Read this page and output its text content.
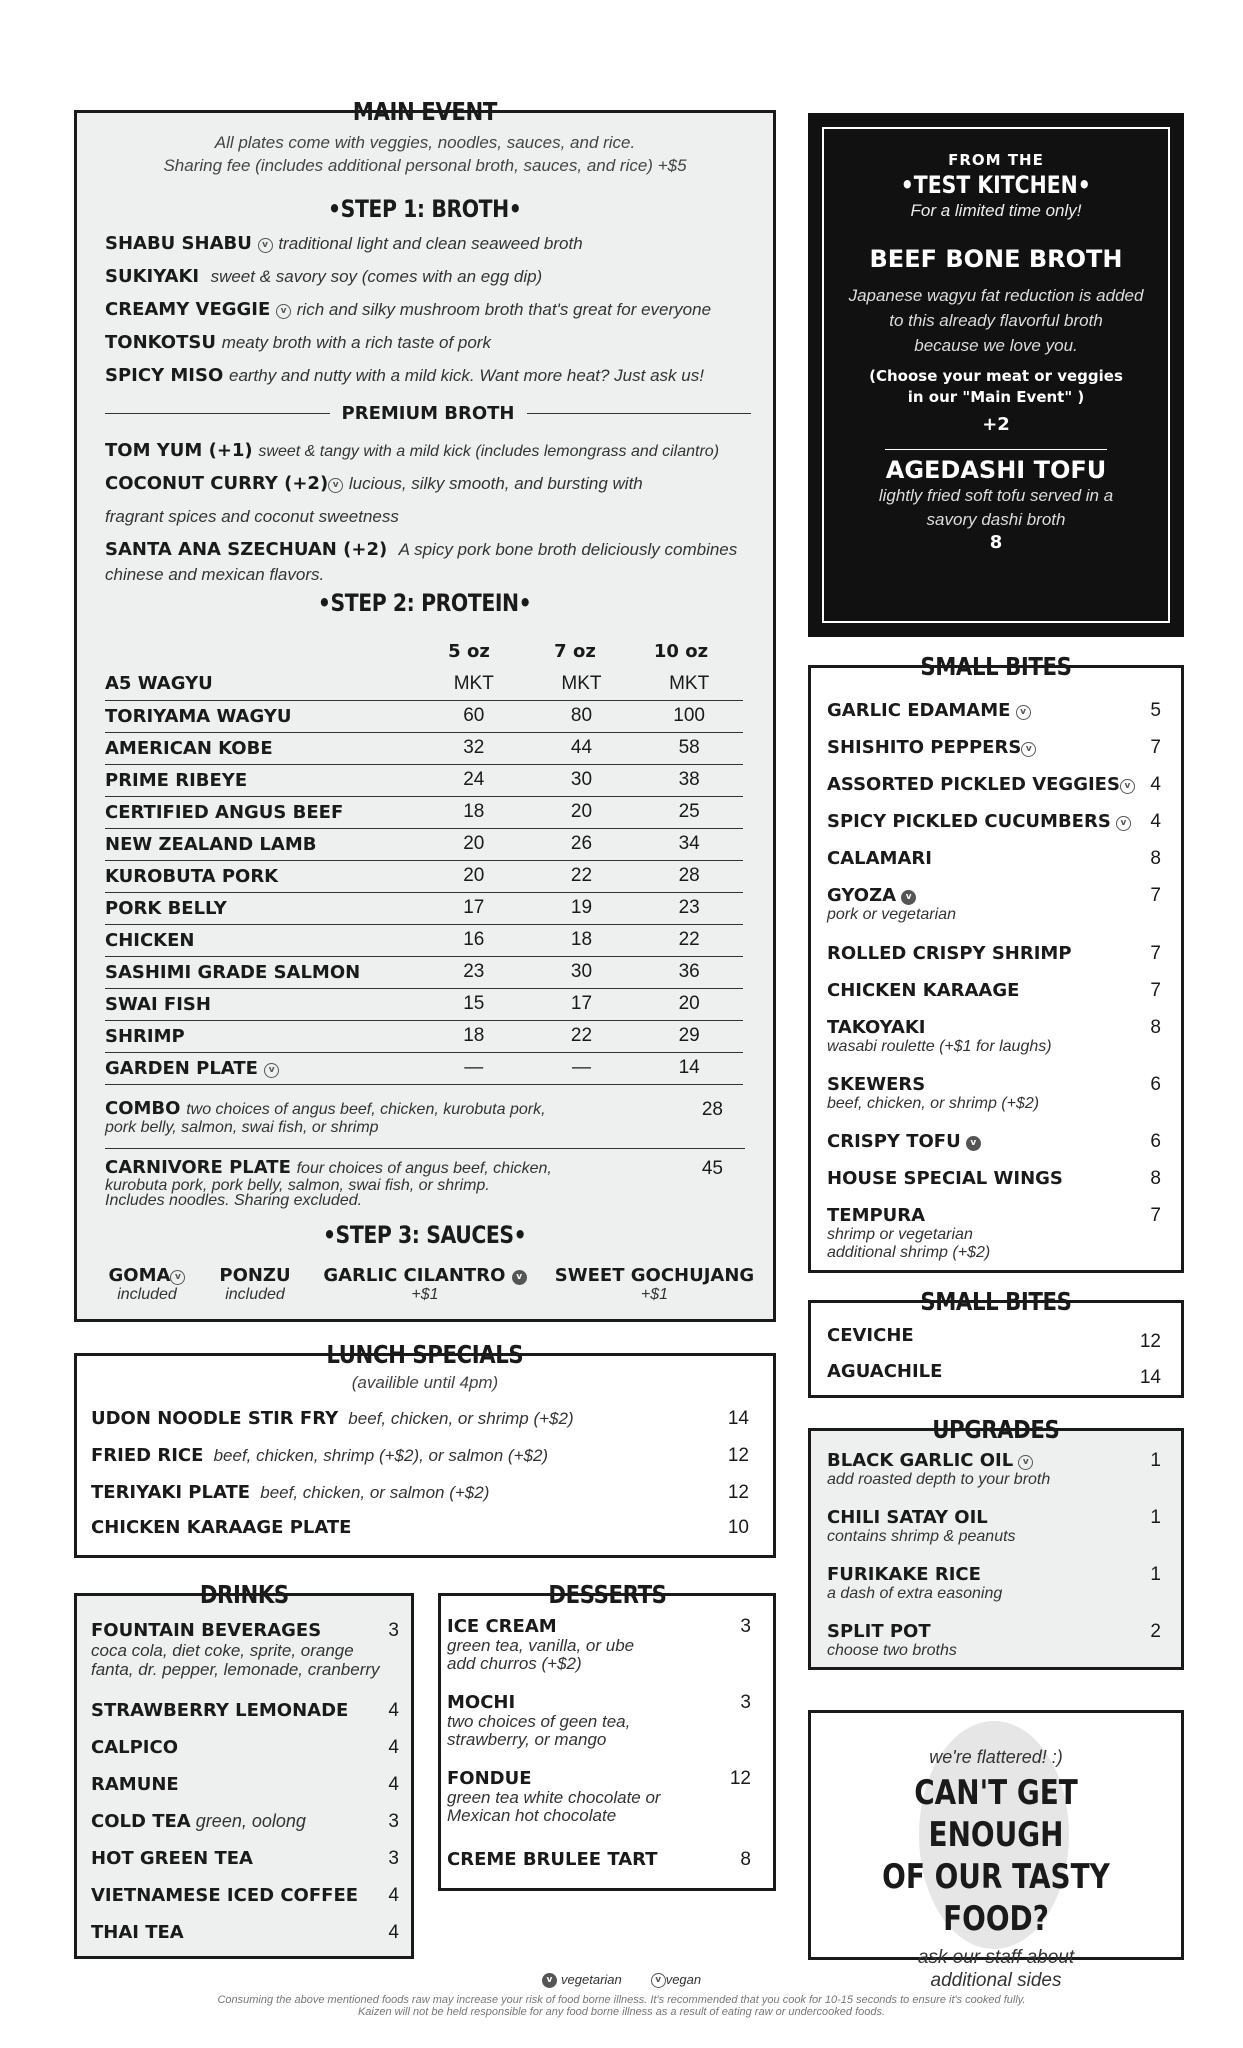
MAIN EVENT
All plates come with veggies, noodles, sauces, and rice.
Sharing fee (includes additional personal broth, sauces, and rice) +$5
•STEP 1: BROTH•
SHABU SHABU v traditional light and clean seaweed broth
SUKIYAKI sweet & savory soy (comes with an egg dip)
CREAMY VEGGIE v rich and silky mushroom broth that's great for everyone
TONKOTSU meaty broth with a rich taste of pork
SPICY MISO earthy and nutty with a mild kick. Want more heat? Just ask us!
PREMIUM BROTH
TOM YUM (+1) sweet & tangy with a mild kick (includes lemongrass and cilantro)
COCONUT CURRY (+2) v lucious, silky smooth, and bursting with
fragrant spices and coconut sweetness
SANTA ANA SZECHUAN (+2) A spicy pork bone broth deliciously combines
chinese and mexican flavors.
•STEP 2: PROTEIN•
5 oz	7 oz	10 oz
A5 WAGYU	MKT	MKT	MKT
TORIYAMA WAGYU	60	80	100
AMERICAN KOBE	32	44	58
PRIME RIBEYE	24	30	38
CERTIFIED ANGUS BEEF	18	20	25
NEW ZEALAND LAMB	20	26	34
KUROBUTA PORK	20	22	28
PORK BELLY	17	19	23
CHICKEN	16	18	22
SASHIMI GRADE SALMON	23	30	36
SWAI FISH	15	17	20
SHRIMP	18	22	29
GARDEN PLATE v	—	—	14
COMBO two choices of angus beef, chicken, kurobuta pork,
pork belly, salmon, swai fish, or shrimp
28
CARNIVORE PLATE four choices of angus beef, chicken,
kurobuta pork, pork belly, salmon, swai fish, or shrimp.
Includes noodles. Sharing excluded.
45
•STEP 3: SAUCES•
GOMA v
included
PONZU
included
GARLIC CILANTRO v
+$1
SWEET GOCHUJANG
+$1
FROM THE
•TEST KITCHEN•
For a limited time only!
BEEF BONE BROTH
Japanese wagyu fat reduction is added
to this already flavorful broth
because we love you.
(Choose your meat or veggies
in our "Main Event" )
+2
AGEDASHI TOFU
lightly fried soft tofu served in a
savory dashi broth
8
SMALL BITES
GARLIC EDAMAME v	5
SHISHITO PEPPERS v	7
ASSORTED PICKLED VEGGIES v 4
SPICY PICKLED CUCUMBERS v 4
CALAMARI	8
GYOZA v
pork or vegetarian
7
ROLLED CRISPY SHRIMP	7
CHICKEN KARAAGE	7
TAKOYAKI
wasabi roulette (+$1 for laughs)
8
SKEWERS
beef, chicken, or shrimp (+$2)
6
CRISPY TOFU v	6
HOUSE SPECIAL WINGS	8
TEMPURA
shrimp or vegetarian
additional shrimp (+$2)
7
SMALL BITES
CEVICHE	12
AGUACHILE	14
UPGRADES
BLACK GARLIC OIL v
add roasted depth to your broth
1
CHILI SATAY OIL
contains shrimp & peanuts
1
FURIKAKE RICE
a dash of extra easoning
1
SPLIT POT
choose two broths
2
we're flattered! :)
CAN'T GET ENOUGH
OF OUR TASTY FOOD?
ask our staff about
additional sides
LUNCH SPECIALS
(availible until 4pm)
UDON NOODLE STIR FRY beef, chicken, or shrimp (+$2)	14
FRIED RICE beef, chicken, shrimp (+$2), or salmon (+$2)	12
TERIYAKI PLATE beef, chicken, or salmon (+$2)	12
CHICKEN KARAAGE PLATE	10
DRINKS
FOUNTAIN BEVERAGES
coca cola, diet coke, sprite, orange
fanta, dr. pepper, lemonade, cranberry
3
STRAWBERRY LEMONADE 4
CALPICO	4
RAMUNE	4
COLD TEA green, oolong	3
HOT GREEN TEA	3
VIETNAMESE ICED COFFEE 4
THAI TEA	4
DESSERTS
ICE CREAM
green tea, vanilla, or ube
add churros (+$2)
3
MOCHI
two choices of geen tea,
strawberry, or mango
3
FONDUE
green tea white chocolate or
Mexican hot chocolate
12
CREME BRULEE TART	8
v vegetarian	v vegan
Consuming the above mentioned foods raw may increase your risk of food borne illness. It's recommended that you cook for 10-15 seconds to ensure it's cooked fully.
Kaizen will not be held responsible for any food borne illness as a result of eating raw or undercooked foods.
